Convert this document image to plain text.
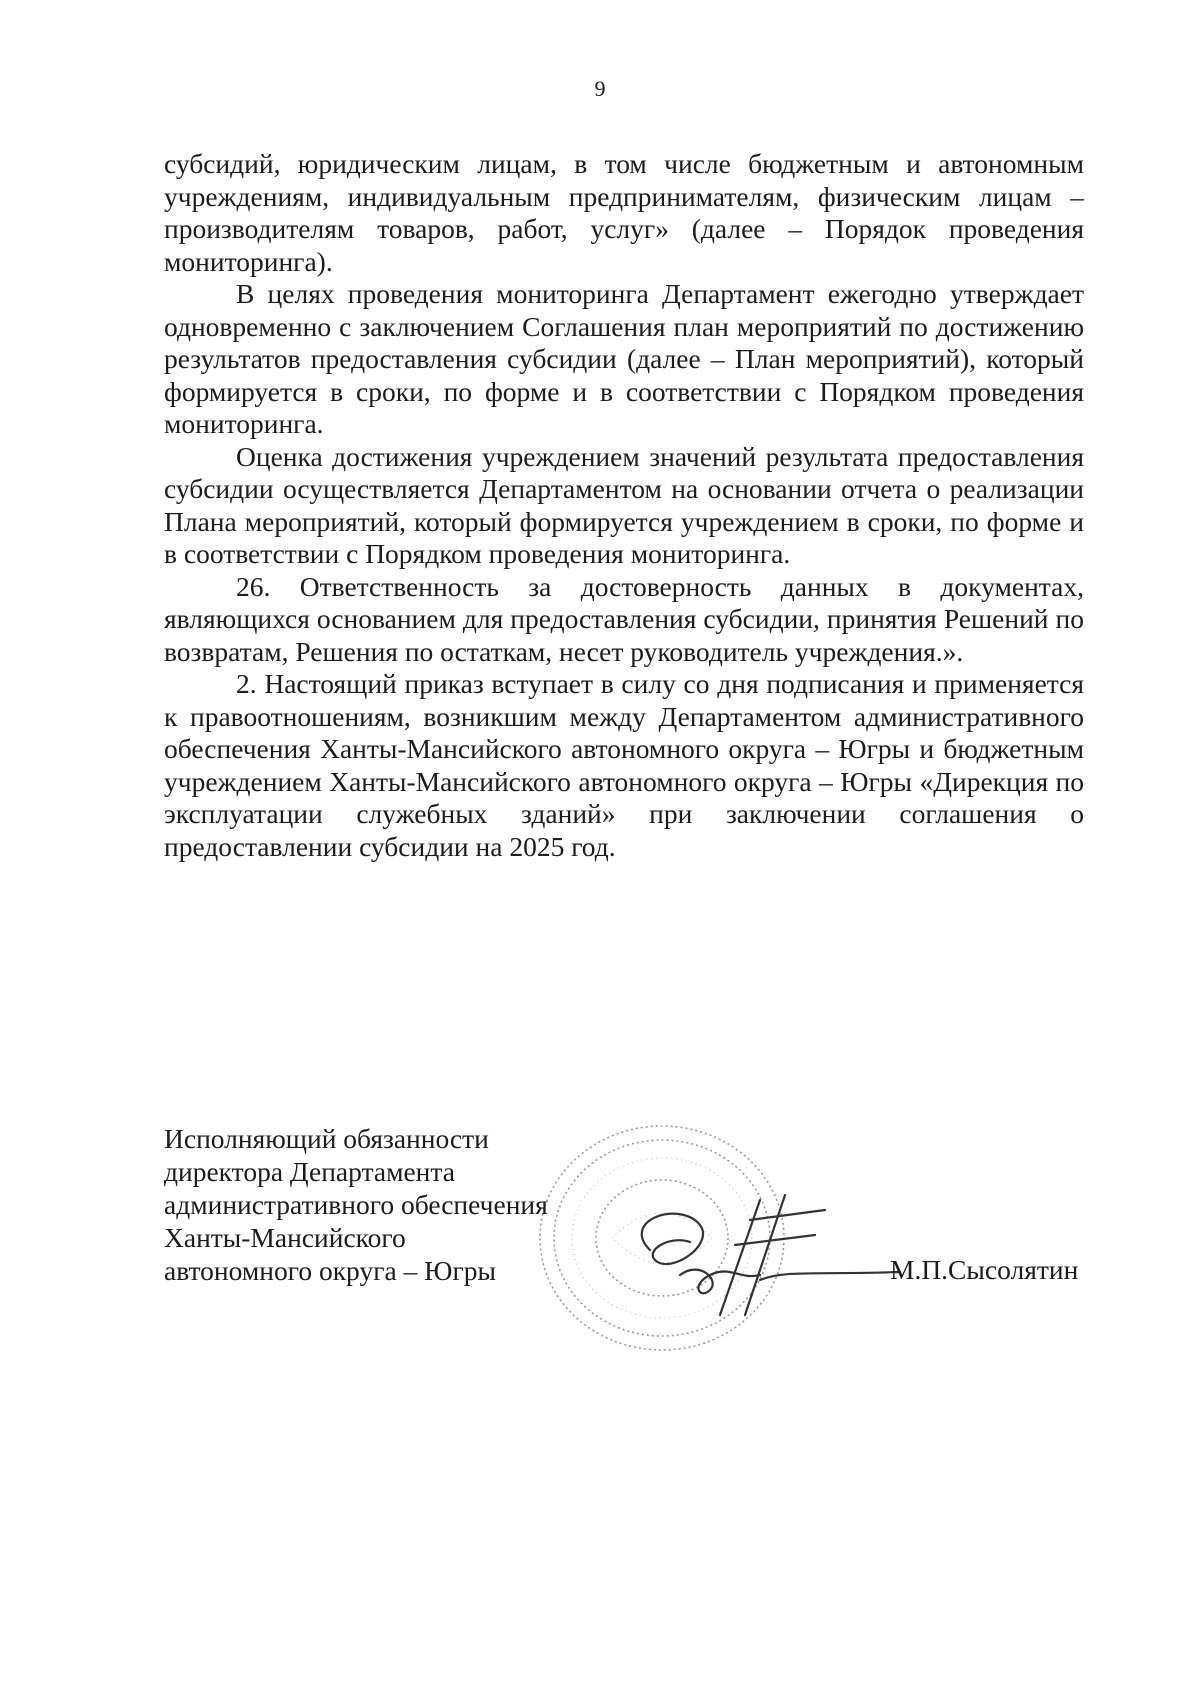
9

субсидий, юридическим лицам, в том числе бюджетным и автономным учреждениям, индивидуальным предпринимателям, физическим лицам – производителям товаров, работ, услуг» (далее – Порядок проведения мониторинга).

В целях проведения мониторинга Департамент ежегодно утверждает одновременно с заключением Соглашения план мероприятий по достижению результатов предоставления субсидии (далее – План мероприятий), который формируется в сроки, по форме и в соответствии с Порядком проведения мониторинга.

Оценка достижения учреждением значений результата предоставления субсидии осуществляется Департаментом на основании отчета о реализации Плана мероприятий, который формируется учреждением в сроки, по форме и в соответствии с Порядком проведения мониторинга.

26. Ответственность за достоверность данных в документах, являющихся основанием для предоставления субсидии, принятия Решений по возвратам, Решения по остаткам, несет руководитель учреждения.».

2. Настоящий приказ вступает в силу со дня подписания и применяется к правоотношениям, возникшим между Департаментом административного обеспечения Ханты-Мансийского автономного округа – Югры и бюджетным учреждением Ханты-Мансийского автономного округа – Югры «Дирекция по эксплуатации служебных зданий» при заключении соглашения о предоставлении субсидии на 2025 год.

Исполняющий обязанности
директора Департамента
административного обеспечения
Ханты-Мансийского
автономного округа – Югры	М.П.Сысолятин
